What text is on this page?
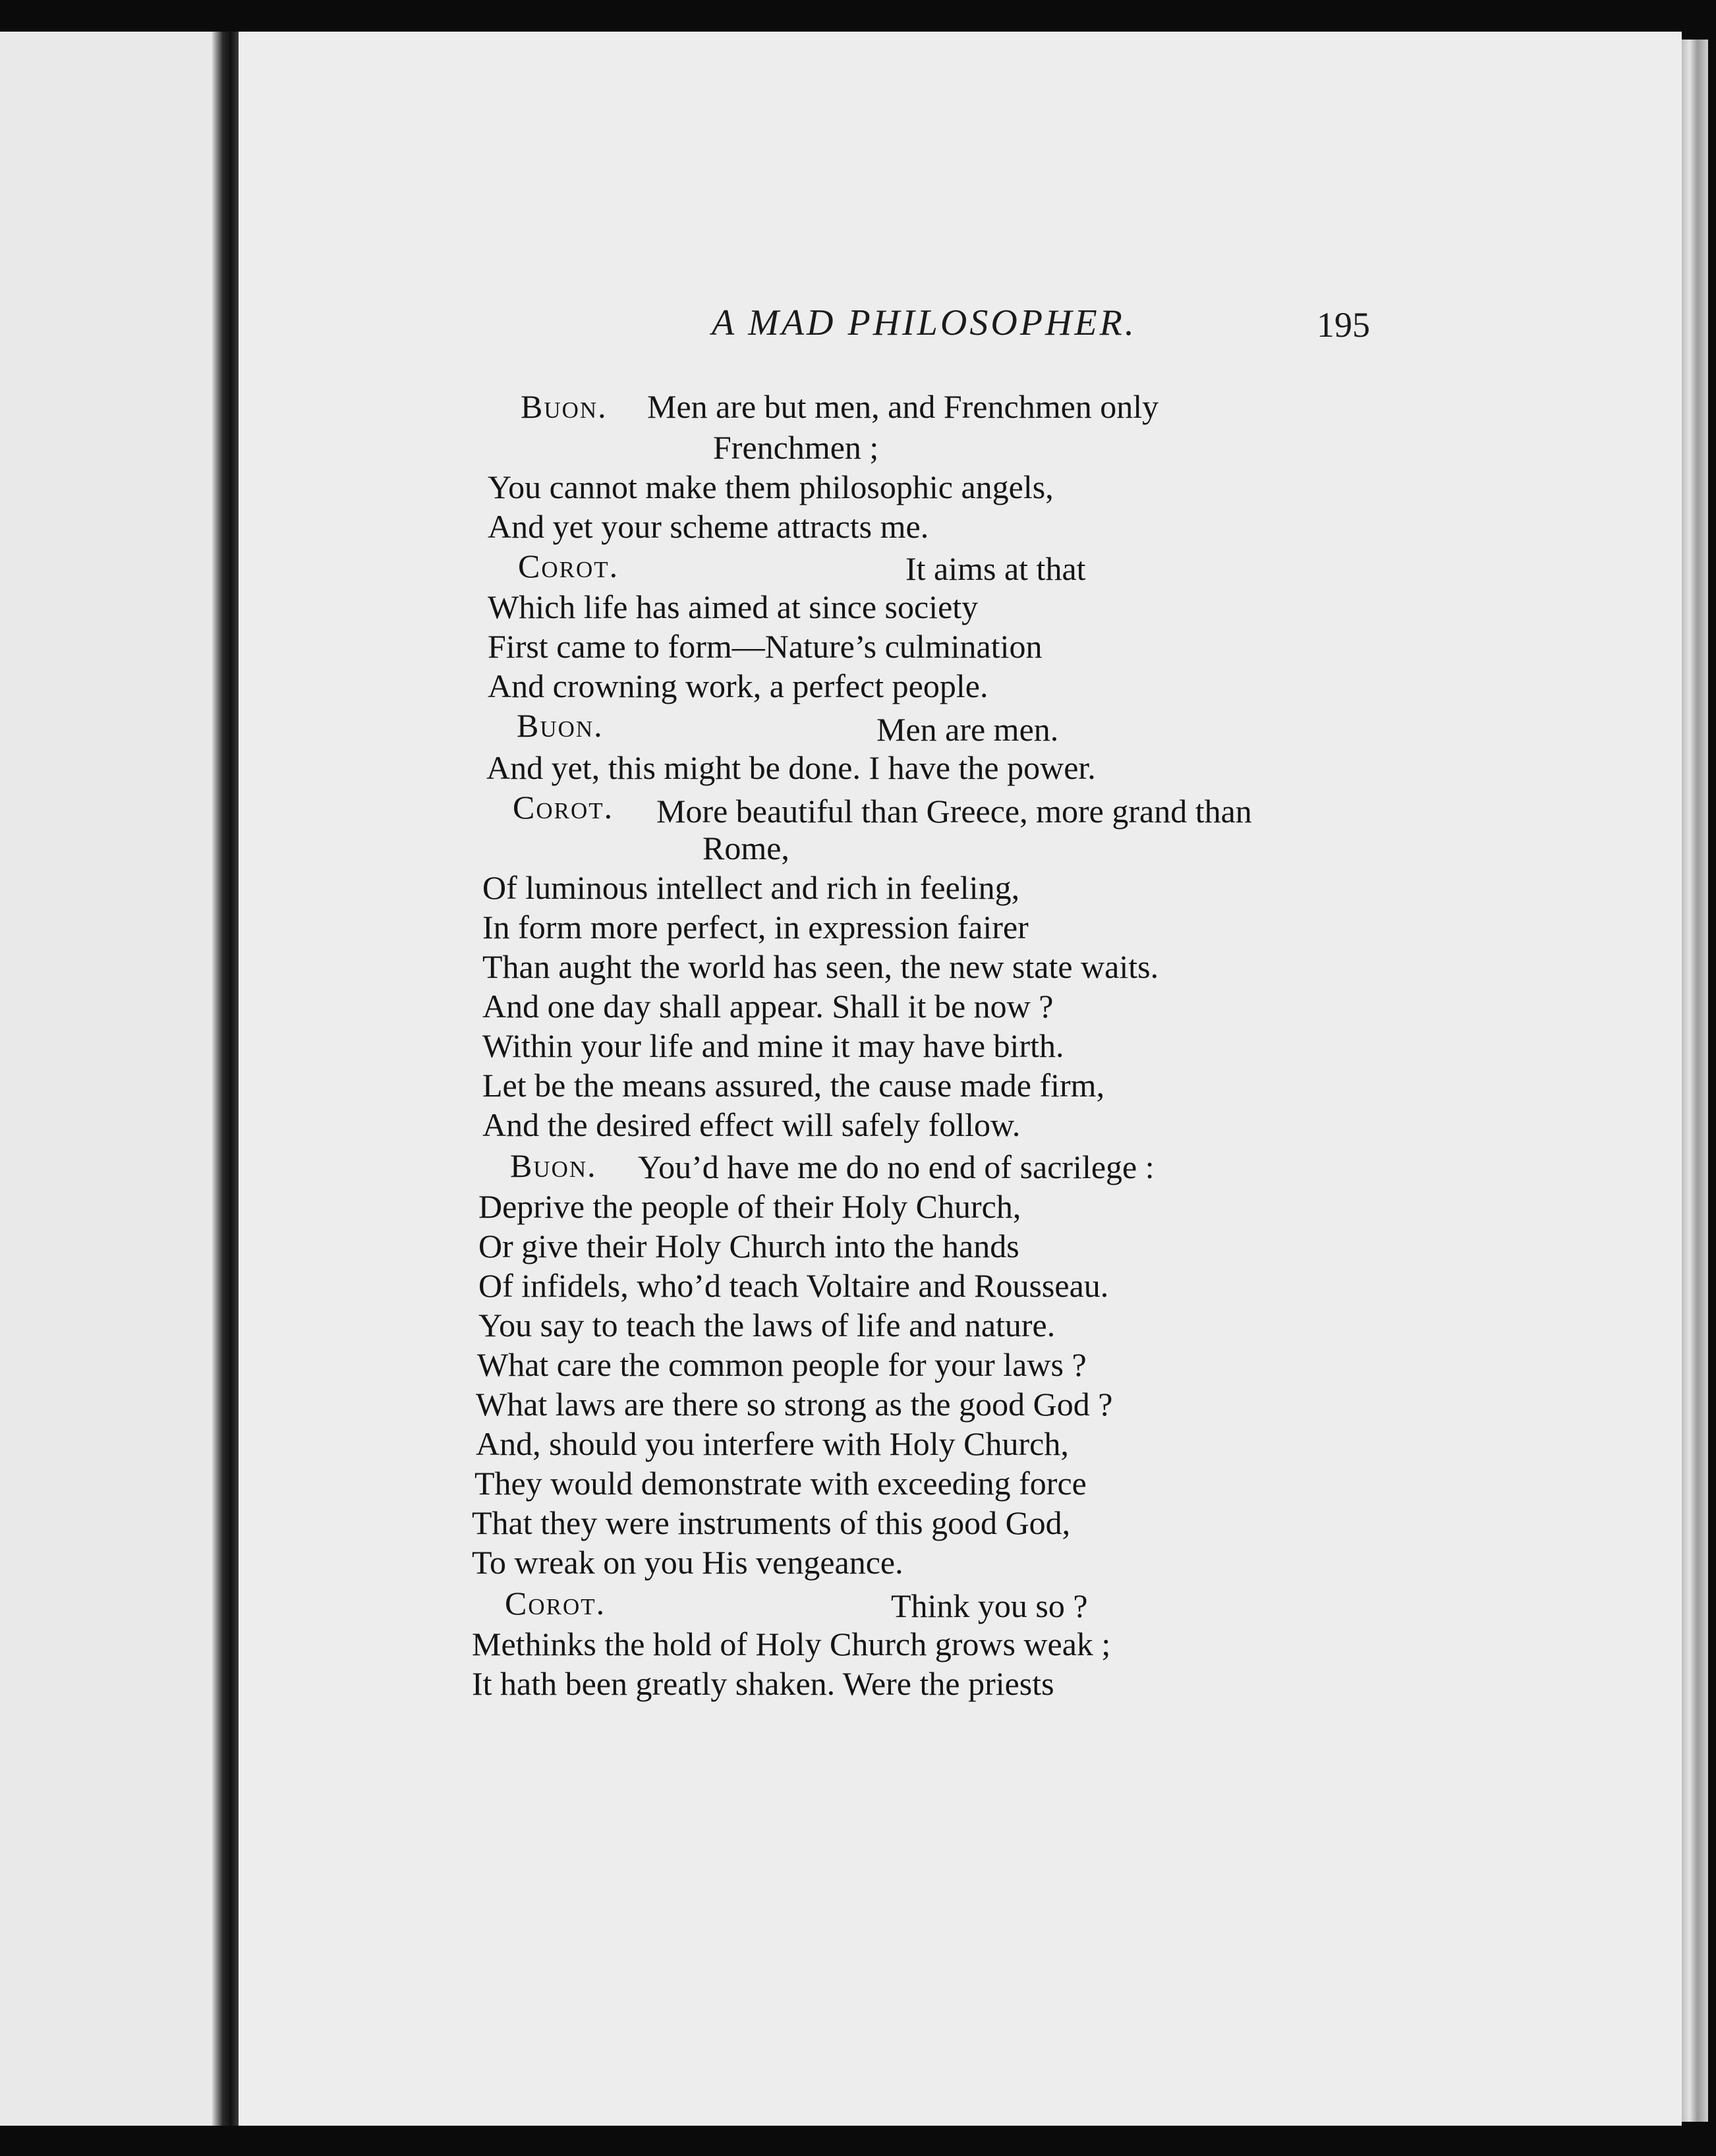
A MAD PHILOSOPHER.	195
Buon. Men are but men, and Frenchmen only
Frenchmen ;
You cannot make them philosophic angels,
And yet your scheme attracts me.
Corot.	It aims at that
Which life has aimed at since society
First came to form—Nature’s culmination
And crowning work, a perfect people.
Buon.	Men are men.
And yet, this might be done. I have the power.
Corot. More beautiful than Greece, more grand than
Rome,
Of luminous intellect and rich in feeling,
In form more perfect, in expression fairer
Than aught the world has seen, the new state waits.
And one day shall appear. Shall it be now ?
Within your life and mine it may have birth.
Let be the means assured, the cause made firm,
And the desired effect will safely follow.
Buon. You’d have me do no end of sacrilege :
Deprive the people of their Holy Church,
Or give their Holy Church into the hands
Of infidels, who’d teach Voltaire and Rousseau.
You say to teach the laws of life and nature.
What care the common people for your laws ?
What laws are there so strong as the good God ?
And, should you interfere with Holy Church,
They would demonstrate with exceeding force
That they were instruments of this good God,
To wreak on you His vengeance.
Corot.	Think you so ?
Methinks the hold of Holy Church grows weak ;
It hath been greatly shaken. Were the priests
